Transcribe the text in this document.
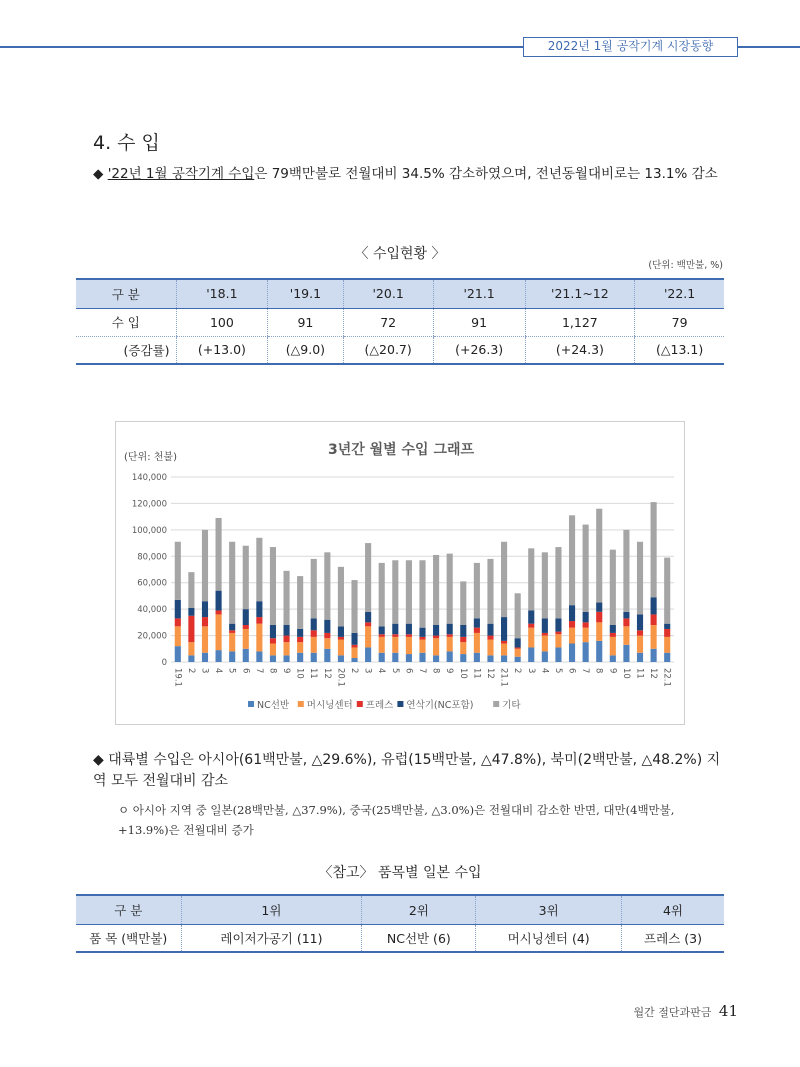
2022년 1월 공작기계 시장동향
4. 수 입
◆ '22년 1월 공작기계 수입은 79백만불로 전월대비 34.5% 감소하였으며, 전년동월대비로는 13.1% 감소
〈 수입현황 〉
(단위: 백만불, %)
구 분	'18.1	'19.1	'20.1	'21.1	'21.1~12	'22.1
수 입	100	91	72	91	1,127	79
(증감률)	(+13.0)	(△9.0)	(△20.7)	(+26.3)	(+24.3)	(△13.1)
3년간 월별 수입 그래프
(단위: 천불)
140,000
120,000
100,000
80,000
60,000
40,000
20,000
0
19.1 2 3 4 5 6 7 8 9 10 11 12 20.1 2 3 4 5 6 7 8 9 10 11 12 21.1 2 3 4 5 6 7 8 9 10 11 12 22.1
NC선반 머시닝센터 프레스 연삭기(NC포함)	기타
◆ 대륙별 수입은 아시아(61백만불, △29.6%), 유럽(15백만불, △47.8%), 북미(2백만불, △48.2%) 지역 모두 전월대비 감소
ㅇ 아시아 지역 중 일본(28백만불, △37.9%), 중국(25백만불, △3.0%)은 전월대비 감소한 반면, 대만(4백만불, +13.9%)은 전월대비 증가
〈참고〉 품목별 일본 수입
구 분	1위	2위	3위	4위
품 목 (백만불)	레이저가공기 (11)	NC선반 (6)	머시닝센터 (4)	프레스 (3)
월간 절단과판금 41
